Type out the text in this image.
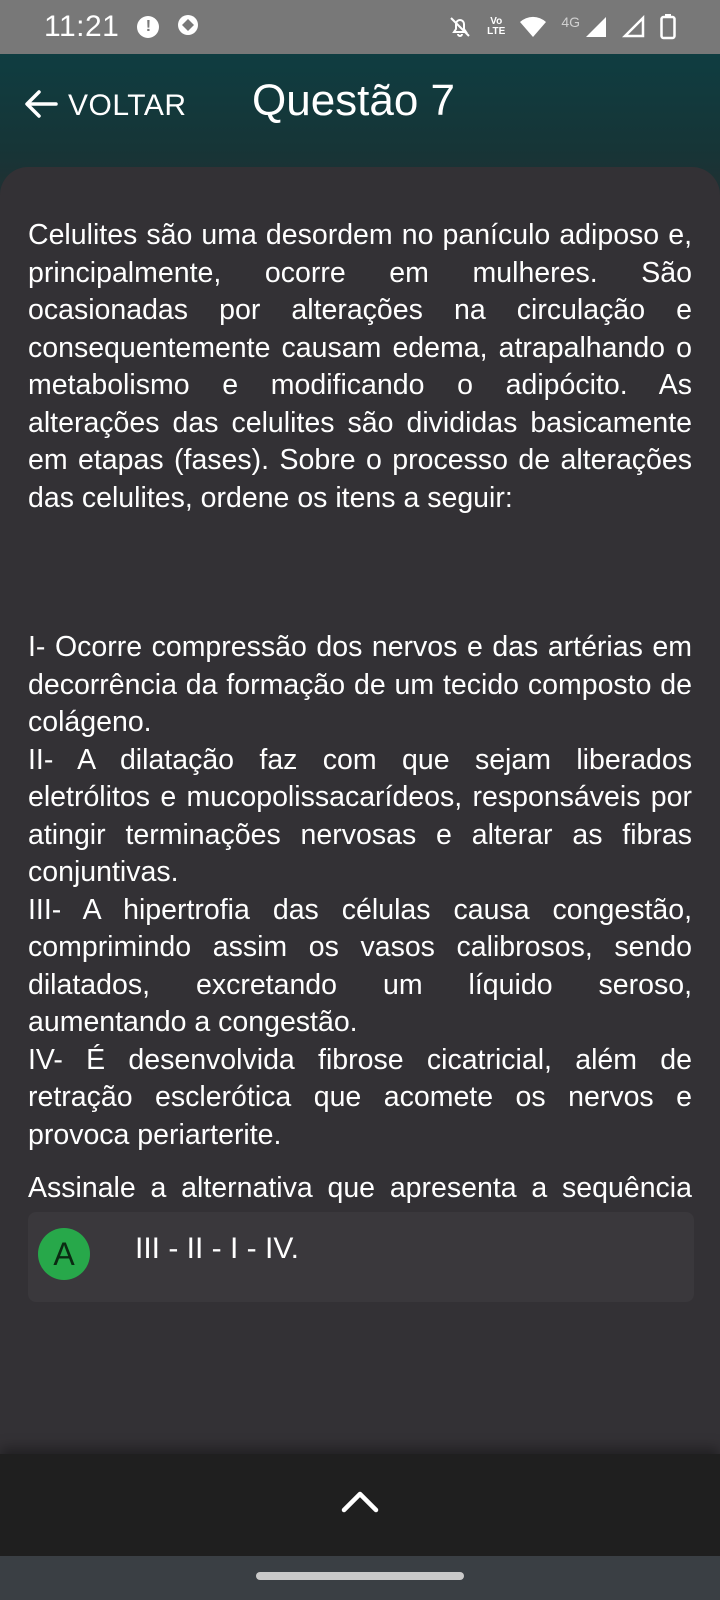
11:21	!	Vo
LTE
4G
VOLTAR Questão 7

Celulites são uma desordem no panículo adiposo e, principalmente, ocorre em mulheres. São ocasionadas por alterações na circulação e consequentemente causam edema, atrapalhando o metabolismo e modificando o adipócito. As alterações das celulites são divididas basicamente em etapas (fases). Sobre o processo de alterações das celulites, ordene os itens a seguir:

I- Ocorre compressão dos nervos e das artérias em decorrência da formação de um tecido composto de colágeno.

II- A dilatação faz com que sejam liberados eletrólitos e mucopolissacarídeos, responsáveis por atingir terminações nervosas e alterar as fibras conjuntivas.

III- A hipertrofia das células causa congestão, comprimindo assim os vasos calibrosos, sendo dilatados, excretando um líquido seroso, aumentando a congestão.

IV- É desenvolvida fibrose cicatricial, além de retração esclerótica que acomete os nervos e provoca periarterite.

Assinale a alternativa que apresenta a sequência

A	III - II - I - IV.
